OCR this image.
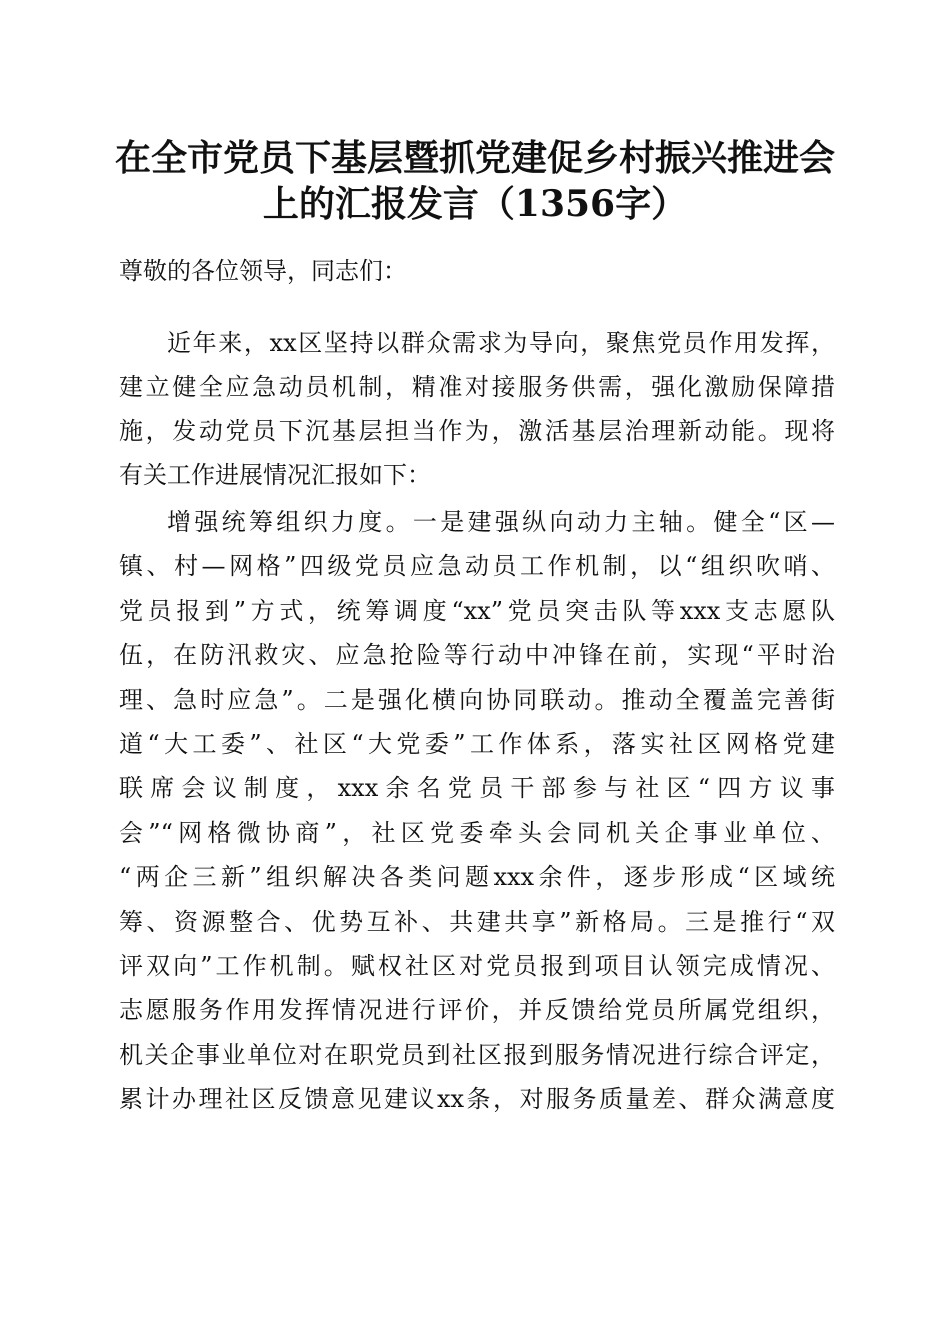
在全市党员下基层暨抓党建促乡村振兴推进会
上的汇报发言（1356字）
尊敬的各位领导，同志们：
近年来，xx区坚持以群众需求为导向，聚焦党员作用发挥，
建立健全应急动员机制，精准对接服务供需，强化激励保障措
施，发动党员下沉基层担当作为，激活基层治理新动能。现将
有关工作进展情况汇报如下：
增强统筹组织力度。一是建强纵向动力主轴。健全“区—
镇、村—网格”四级党员应急动员工作机制，以“组织吹哨、
党员报到”方式，统筹调度“xx”党员突击队等xxx支志愿队
伍，在防汛救灾、应急抢险等行动中冲锋在前，实现“平时治
理、急时应急”。二是强化横向协同联动。推动全覆盖完善街
道“大工委”、社区“大党委”工作体系，落实社区网格党建
联席会议制度，xxx余名党员干部参与社区“四方议事
会”“网格微协商”，社区党委牵头会同机关企事业单位、
“两企三新”组织解决各类问题xxx余件，逐步形成“区域统
筹、资源整合、优势互补、共建共享”新格局。三是推行“双
评双向”工作机制。赋权社区对党员报到项目认领完成情况、
志愿服务作用发挥情况进行评价，并反馈给党员所属党组织，
机关企事业单位对在职党员到社区报到服务情况进行综合评定，
累计办理社区反馈意见建议xx条，对服务质量差、群众满意度
